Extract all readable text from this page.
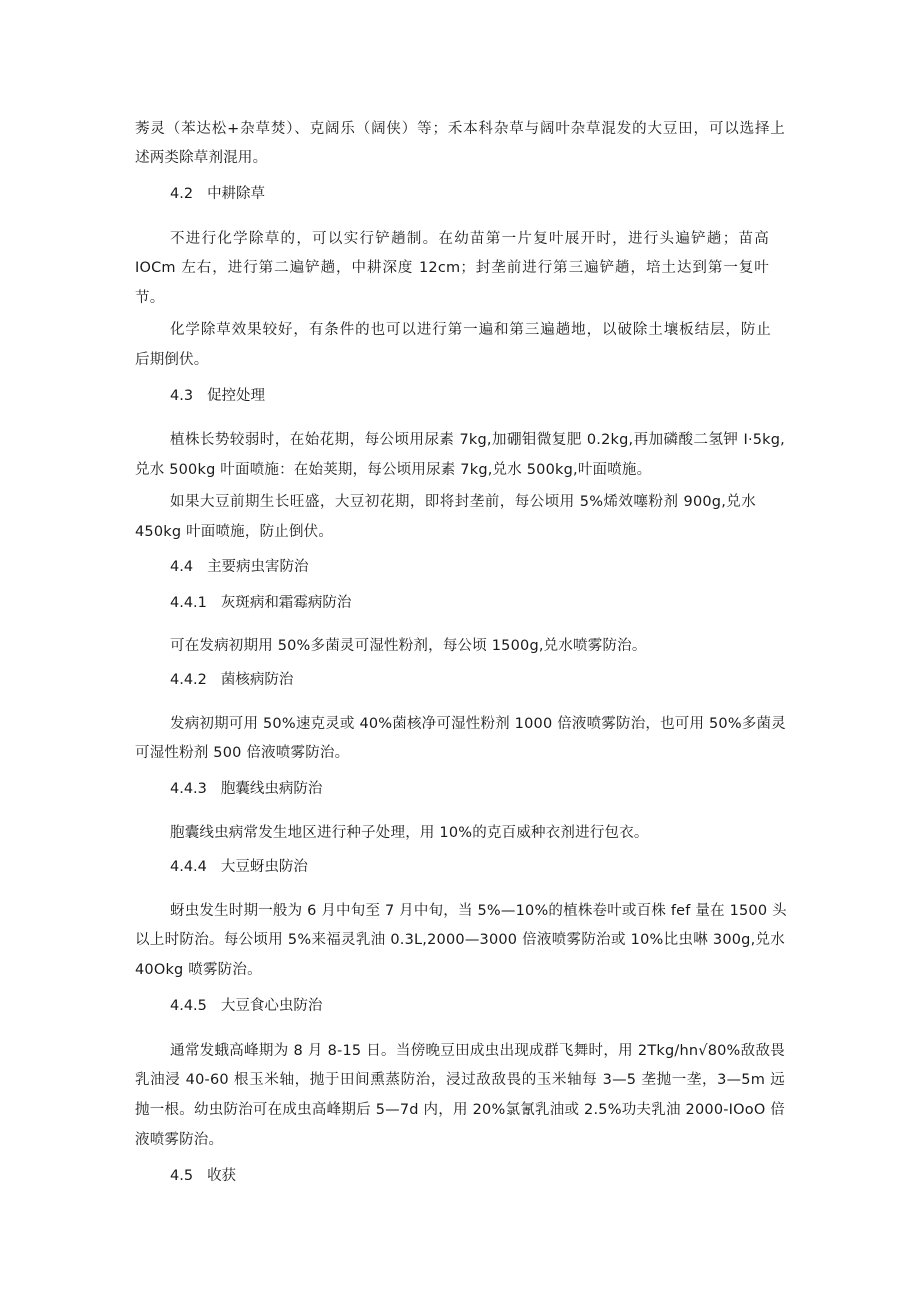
莠灵（苯达松+杂草焚）、克阔乐（阔侠）等；禾本科杂草与阔叶杂草混发的大豆田，可以选择上
述两类除草剂混用。
4.2 中耕除草
不进行化学除草的，可以实行铲趟制。在幼苗第一片复叶展开时，进行头遍铲趟；苗高
IOCm 左右，进行第二遍铲趟，中耕深度 12cm；封垄前进行第三遍铲趟，培土达到第一复叶
节。
化学除草效果较好，有条件的也可以进行第一遍和第三遍趟地，以破除土壤板结层，防止
后期倒伏。
4.3 促控处理
植株长势较弱时，在始花期，每公顷用尿素 7kg,加硼钼微复肥 0.2kg,再加磷酸二氢钾 I·5kg,
兑水 500kg 叶面喷施：在始荚期，每公顷用尿素 7kg,兑水 500kg,叶面喷施。
如果大豆前期生长旺盛，大豆初花期，即将封垄前，每公顷用 5%烯效噻粉剂 900g,兑水
450kg 叶面喷施，防止倒伏。
4.4 主要病虫害防治
4.4.1 灰斑病和霜霉病防治
可在发病初期用 50%多菌灵可湿性粉剂，每公顷 1500g,兑水喷雾防治。
4.4.2 菌核病防治
发病初期可用 50%速克灵或 40%菌核净可湿性粉剂 1000 倍液喷雾防治，也可用 50%多菌灵
可湿性粉剂 500 倍液喷雾防治。
4.4.3 胞囊线虫病防治
胞囊线虫病常发生地区进行种子处理，用 10%的克百威种衣剂进行包衣。
4.4.4 大豆蚜虫防治
蚜虫发生时期一般为 6 月中旬至 7 月中旬，当 5%—10%的植株卷叶或百株 fef 量在 1500 头
以上时防治。每公顷用 5%来福灵乳油 0.3L,2000—3000 倍液喷雾防治或 10%比虫啉 300g,兑水
40Okg 喷雾防治。
4.4.5 大豆食心虫防治
通常发蛾高峰期为 8 月 8-15 日。当傍晚豆田成虫出现成群飞舞时，用 2Tkg∕hn√80%敌敌畏
乳油浸 40-60 根玉米轴，抛于田间熏蒸防治，浸过敌敌畏的玉米轴每 3—5 垄抛一垄，3—5m 远
抛一根。幼虫防治可在成虫高峰期后 5—7d 内，用 20%氯氰乳油或 2.5%功夫乳油 2000-IOoO 倍
液喷雾防治。
4.5 收获
